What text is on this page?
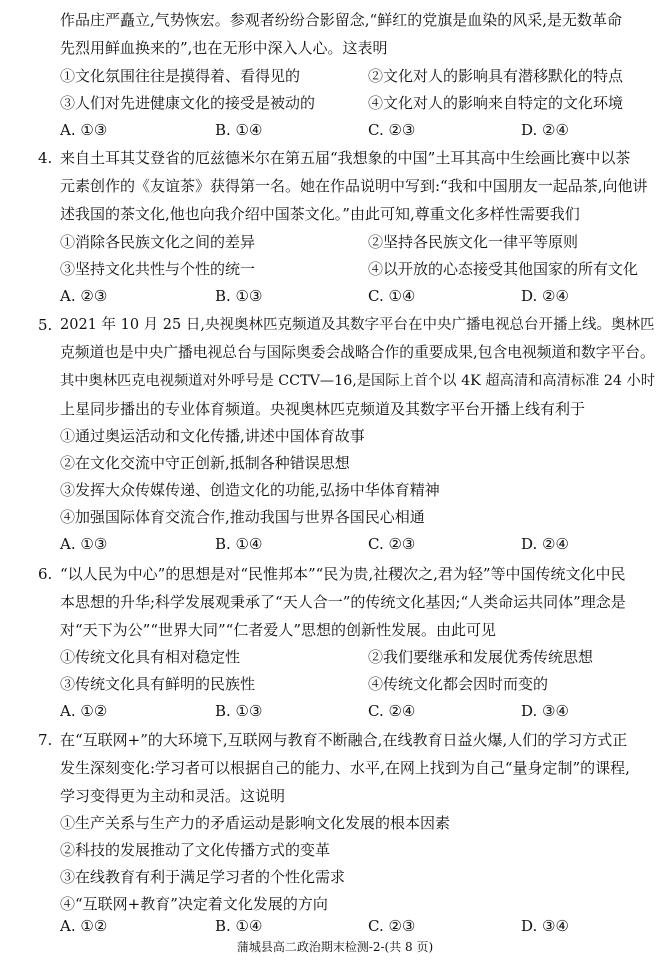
作品庄严矗立,气势恢宏。参观者纷纷合影留念,“鲜红的党旗是血染的风采,是无数革命
先烈用鲜血换来的”,也在无形中深入人心。这表明
①文化氛围往往是摸得着、看得见的	②文化对人的影响具有潜移默化的特点
③人们对先进健康文化的接受是被动的	④文化对人的影响来自特定的文化环境
A. ①③	B. ①④	C. ②③	D. ②④
4. 来自土耳其艾登省的厄兹德米尔在第五届“我想象的中国”土耳其高中生绘画比赛中以茶
元素创作的《友谊茶》获得第一名。她在作品说明中写到:“我和中国朋友一起品茶,向他讲
述我国的茶文化,他也向我介绍中国茶文化。”由此可知,尊重文化多样性需要我们
①消除各民族文化之间的差异	②坚持各民族文化一律平等原则
③坚持文化共性与个性的统一	④以开放的心态接受其他国家的所有文化
A. ②③	B. ①③	C. ①④	D. ②④
5. 2021 年 10 月 25 日,央视奥林匹克频道及其数字平台在中央广播电视总台开播上线。奥林匹
克频道也是中央广播电视总台与国际奥委会战略合作的重要成果,包含电视频道和数字平台。
其中奥林匹克电视频道对外呼号是 CCTV—16,是国际上首个以 4K 超高清和高清标准 24 小时
上星同步播出的专业体育频道。央视奥林匹克频道及其数字平台开播上线有利于
①通过奥运活动和文化传播,讲述中国体育故事
②在文化交流中守正创新,抵制各种错误思想
③发挥大众传媒传递、创造文化的功能,弘扬中华体育精神
④加强国际体育交流合作,推动我国与世界各国民心相通
A. ①③	B. ①④	C. ②③	D. ②④
6. “以人民为中心”的思想是对“民惟邦本”“民为贵,社稷次之,君为轻”等中国传统文化中民
本思想的升华;科学发展观秉承了“天人合一”的传统文化基因;“人类命运共同体”理念是
对“天下为公”“世界大同”“仁者爱人”思想的创新性发展。由此可见
①传统文化具有相对稳定性	②我们要继承和发展优秀传统思想
③传统文化具有鲜明的民族性	④传统文化都会因时而变的
A. ①②	B. ①③	C. ②④	D. ③④
7. 在“互联网+”的大环境下,互联网与教育不断融合,在线教育日益火爆,人们的学习方式正
发生深刻变化:学习者可以根据自己的能力、水平,在网上找到为自己“量身定制”的课程,
学习变得更为主动和灵活。这说明
①生产关系与生产力的矛盾运动是影响文化发展的根本因素
②科技的发展推动了文化传播方式的变革
③在线教育有利于满足学习者的个性化需求
④“互联网+教育”决定着文化发展的方向
A. ①②	B. ①④	C. ②③	D. ③④
蒲城县高二政治期末检测-2-(共 8 页)
